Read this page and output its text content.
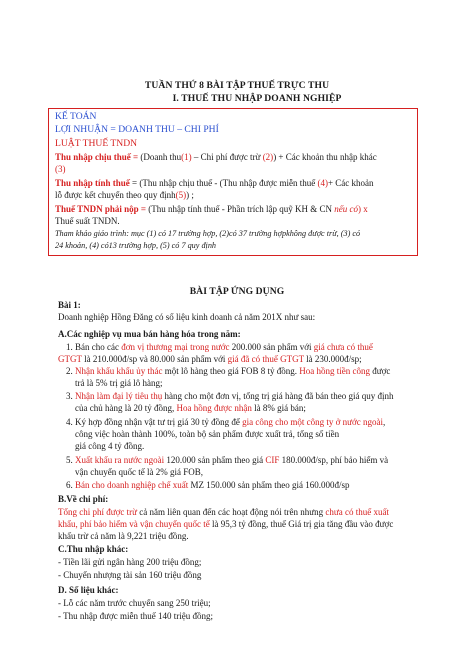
TUẦN THỨ 8 BÀI TẬP THUẾ TRỰC THU
I. THUẾ THU NHẬP DOANH NGHIỆP
KẾ TOÁN
LỢI NHUẬN = DOANH THU – CHI PHÍ
LUẬT THUẾ TNDN
Thu nhập chịu thuế = (Doanh thu(1) – Chi phí được trừ (2)) + Các khoản thu nhập khác
(3)
Thu nhập tính thuế = (Thu nhập chịu thuế - (Thu nhập được miễn thuế (4)+ Các khoản
lỗ được kết chuyển theo quy định(5)) ;
Thuế TNDN phải nộp = (Thu nhập tính thuế - Phần trích lập quỹ KH & CN nếu có) x
Thuế suất TNDN.
Tham khảo giáo trình: mục (1) có 17 trường hợp, (2)có 37 trường hợpkhông được trừ, (3) có
24 khoản, (4) có13 trường hợp, (5) có 7 quy định
BÀI TẬP ỨNG DỤNG
Bài 1:
Doanh nghiệp Hồng Đăng có số liệu kinh doanh cả năm 201X như sau:
A.Các nghiệp vụ mua bán hàng hóa trong năm:
1. Bán cho các đơn vị thương mại trong nước 200.000 sản phẩm với giá chưa có thuế
GTGT là 210.000đ/sp và 80.000 sản phẩm với giá đã có thuế GTGT là 230.000đ/sp;
2. Nhận khẩu khẩu ủy thác một lô hàng theo giá FOB 8 tỷ đồng. Hoa hồng tiền công được
trả là 5% trị giá lô hàng;
3. Nhận làm đại lý tiêu thụ hàng cho một đơn vị, tổng trị giá hàng đã bán theo giá quy định
của chủ hàng là 20 tỷ đồng, Hoa hồng được nhận là 8% giá bán;
4. Ký hợp đồng nhận vật tư trị giá 30 tỷ đồng để gia công cho một công ty ở nước ngoài,
công việc hoàn thành 100%, toàn bộ sản phẩm được xuất trả, tổng số tiền
giá công 4 tỷ đồng.
5. Xuất khẩu ra nước ngoài 120.000 sản phẩm theo giá CIF 180.000đ/sp, phí bảo hiểm và
vận chuyển quốc tế là 2% giá FOB,
6. Bán cho doanh nghiệp chế xuất MZ 150.000 sản phẩm theo giá 160.000đ/sp
B.Về chi phí:
Tổng chi phí được trừ cả năm liên quan đến các hoạt động nói trên nhưng chưa có thuế xuất
khẩu, phí bảo hiểm và vận chuyển quốc tế là 95,3 tỷ đồng, thuế Giá trị gia tăng đầu vào được
khấu trừ cả năm là 9,221 triệu đồng.
C.Thu nhập khác:
- Tiền lãi gửi ngân hàng 200 triệu đồng;
- Chuyển nhượng tài sản 160 triệu đồng
D. Số liệu khác:
- Lỗ các năm trước chuyển sang 250 triệu;
- Thu nhập được miễn thuế 140 triệu đồng;
